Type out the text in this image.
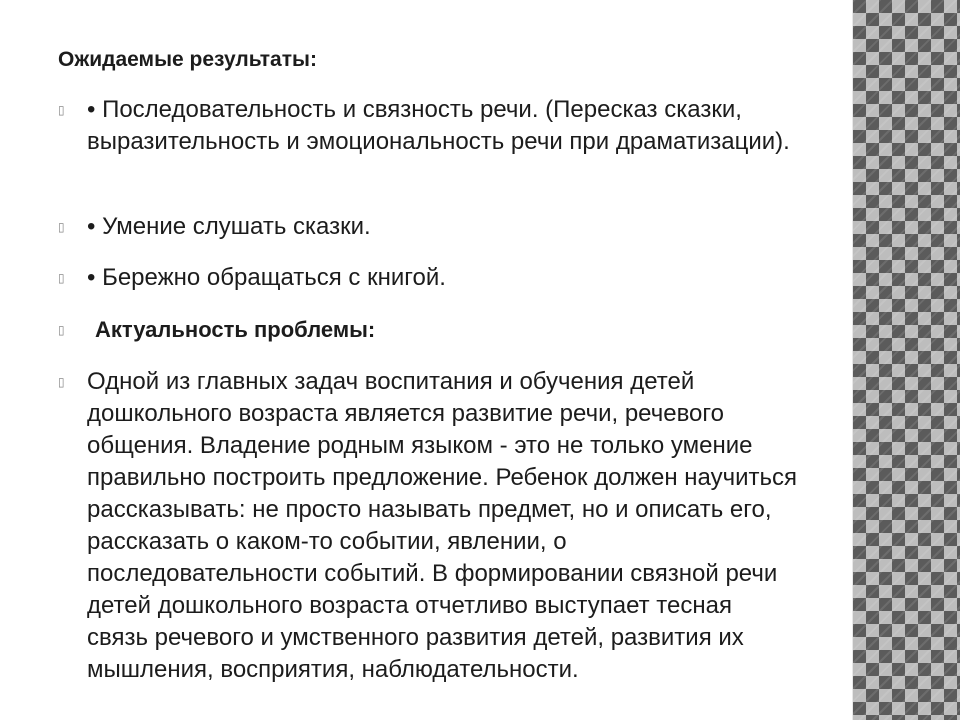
Ожидаемые результаты:
▯ • Последовательность и связность речи. (Пересказ сказки, выразительность и эмоциональность речи при драматизации).
▯ • Умение слушать сказки.
▯ • Бережно обращаться с книгой.
▯	Актуальность проблемы:
▯ Одной из главных задач воспитания и обучения детей дошкольного возраста является развитие речи, речевого общения. Владение родным языком - это не только умение правильно построить предложение. Ребенок должен научиться рассказывать: не просто называть предмет, но и описать его, рассказать о каком-то событии, явлении, о последовательности событий. В формировании связной речи детей дошкольного возраста отчетливо выступает тесная связь речевого и умственного развития детей, развития их мышления, восприятия, наблюдательности.
